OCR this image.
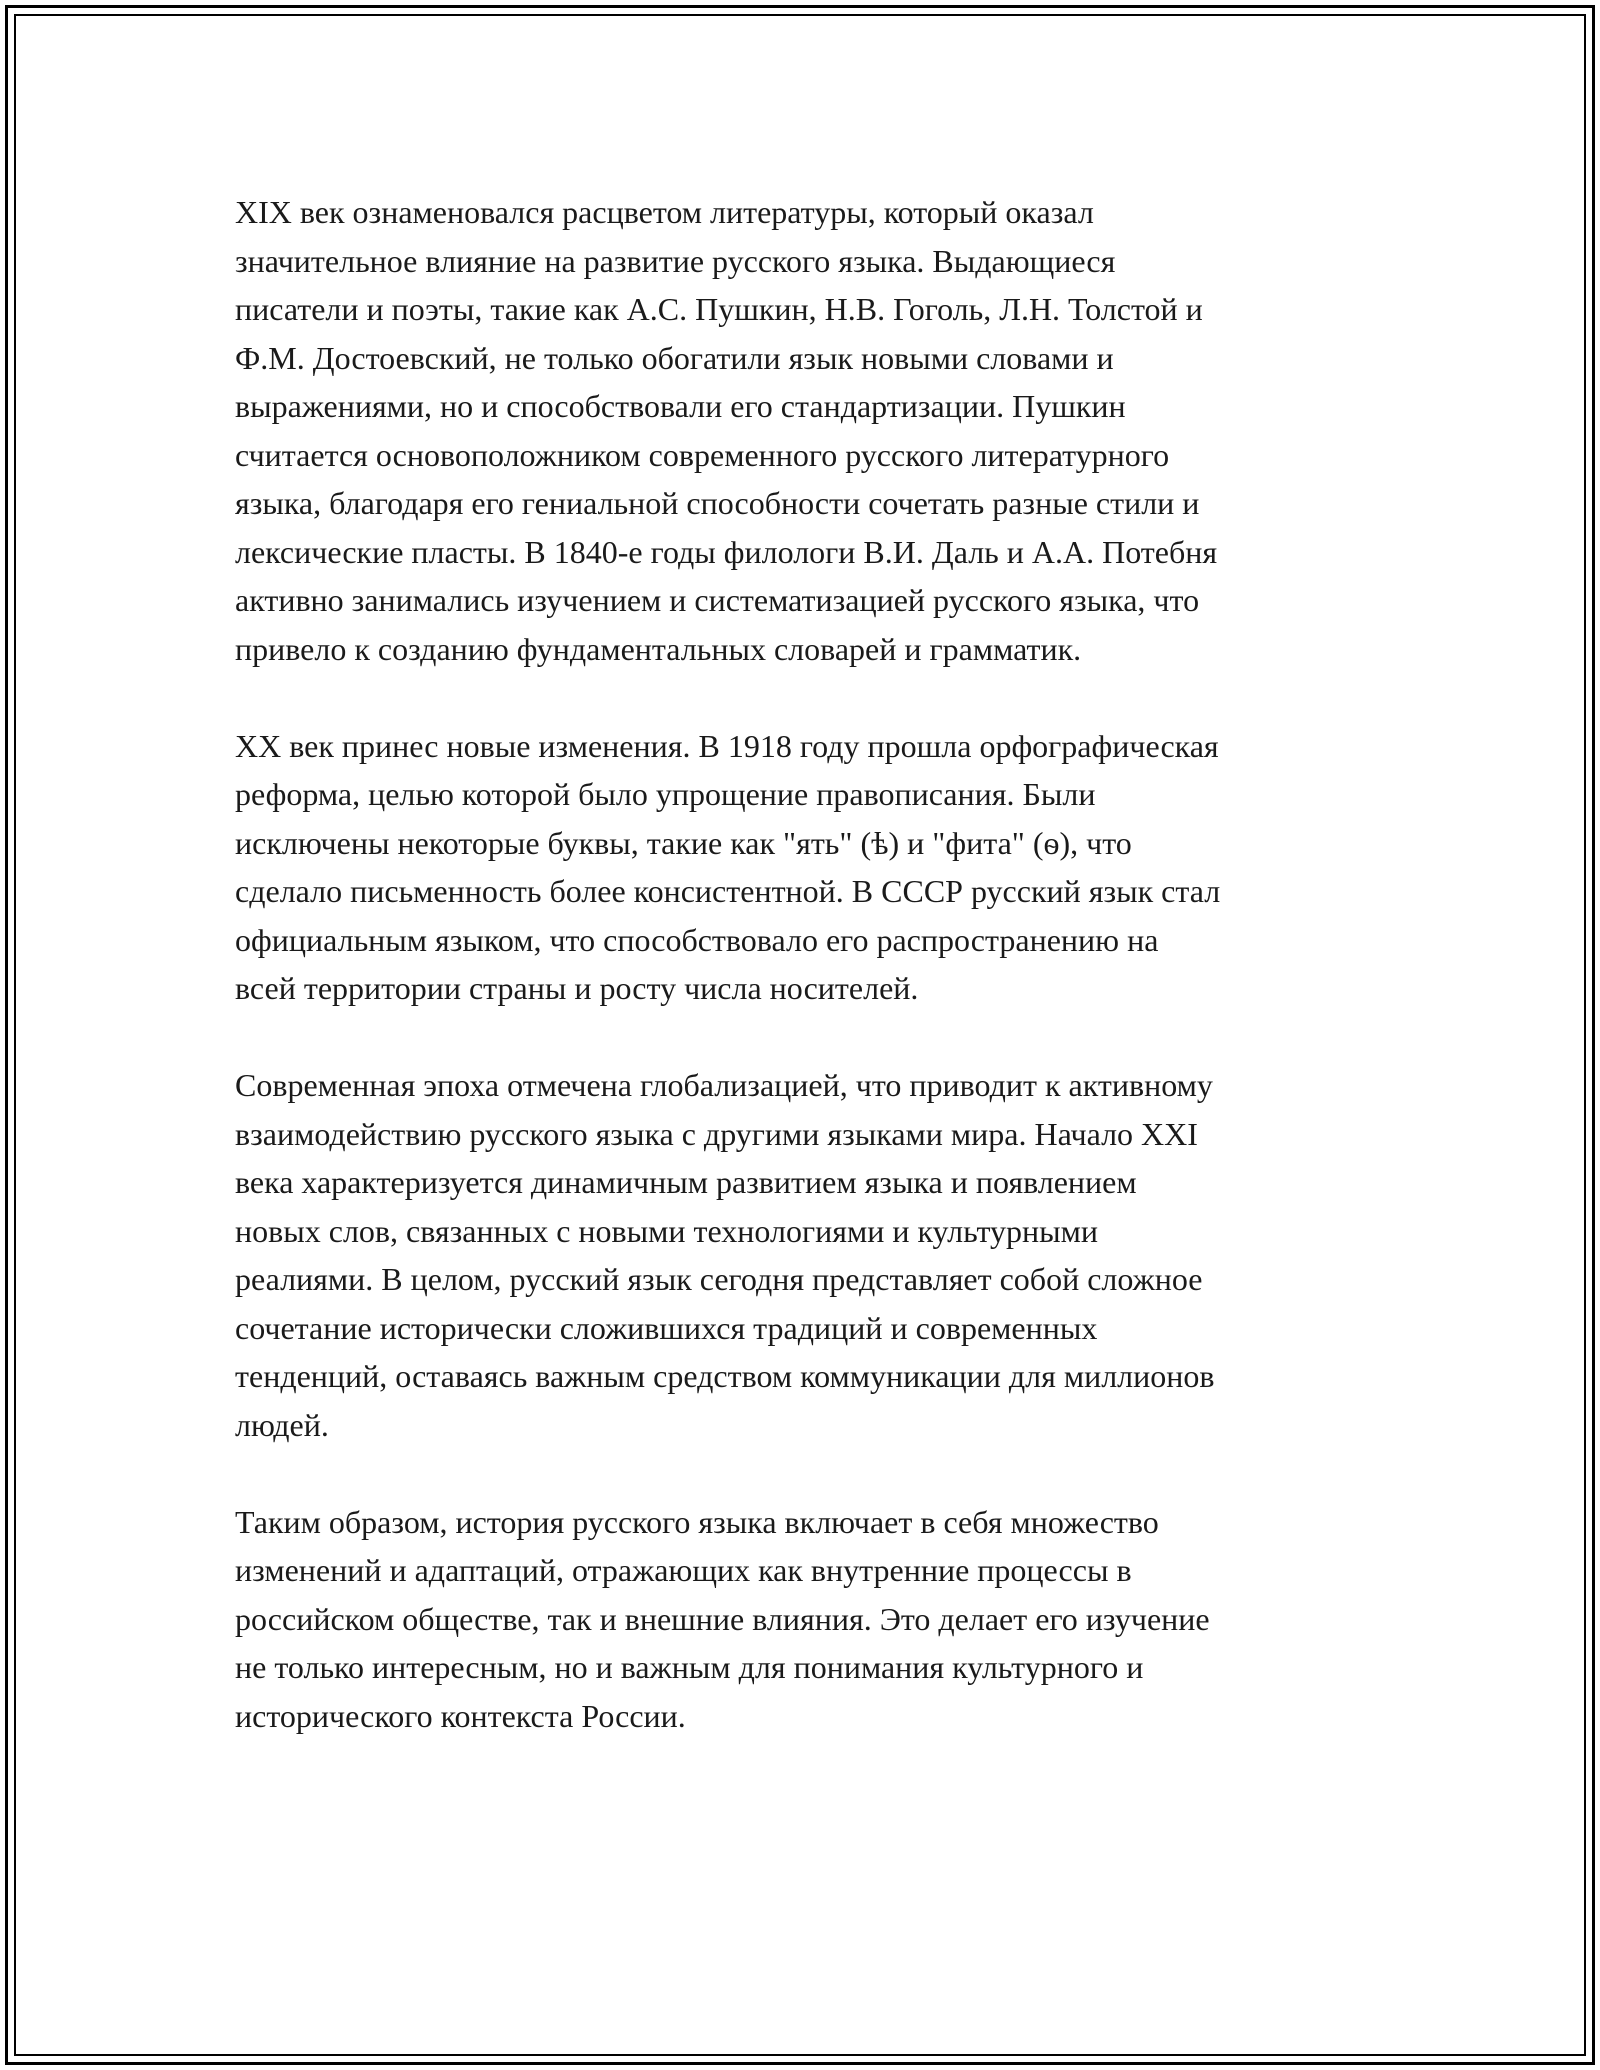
XIX век ознаменовался расцветом литературы, который оказал
значительное влияние на развитие русского языка. Выдающиеся
писатели и поэты, такие как А.С. Пушкин, Н.В. Гоголь, Л.Н. Толстой и
Ф.М. Достоевский, не только обогатили язык новыми словами и
выражениями, но и способствовали его стандартизации. Пушкин
считается основоположником современного русского литературного
языка, благодаря его гениальной способности сочетать разные стили и
лексические пласты. В 1840-е годы филологи В.И. Даль и А.А. Потебня
активно занимались изучением и систематизацией русского языка, что
привело к созданию фундаментальных словарей и грамматик.

XX век принес новые изменения. В 1918 году прошла орфографическая
реформа, целью которой было упрощение правописания. Были
исключены некоторые буквы, такие как "ять" (ѣ) и "фита" (ѳ), что
сделало письменность более консистентной. В СССР русский язык стал
официальным языком, что способствовало его распространению на
всей территории страны и росту числа носителей.

Современная эпоха отмечена глобализацией, что приводит к активному
взаимодействию русского языка с другими языками мира. Начало XXI
века характеризуется динамичным развитием языка и появлением
новых слов, связанных с новыми технологиями и культурными
реалиями. В целом, русский язык сегодня представляет собой сложное
сочетание исторически сложившихся традиций и современных
тенденций, оставаясь важным средством коммуникации для миллионов
людей.

Таким образом, история русского языка включает в себя множество
изменений и адаптаций, отражающих как внутренние процессы в
российском обществе, так и внешние влияния. Это делает его изучение
не только интересным, но и важным для понимания культурного и
исторического контекста России.
